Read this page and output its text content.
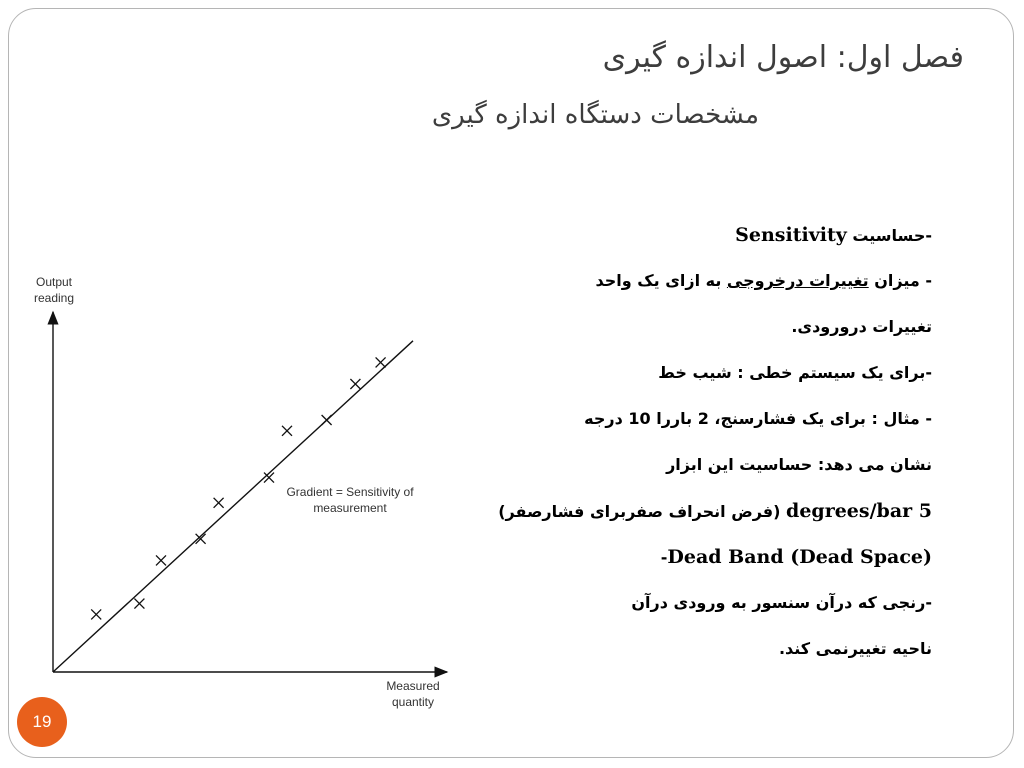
فصل اول: اصول اندازه گیری
مشخصات دستگاه اندازه گیری
-حساسیت Sensitivity
- میزان تغییرات درخروجی به ازای یک واحد
تغییرات درورودی.
-برای یک سیستم خطی : شیب خط
- مثال : برای یک فشارسنج، 2 باررا 10 درجه
نشان می دهد: حساسیت این ابزار
5 degrees/bar (فرض انحراف صفربرای فشارصفر)
(Dead Space) Dead Band-
-رنجی که درآن سنسور به ورودی درآن
ناحیه تغییرنمی کند.
Output
reading
Measured
quantity
Gradient = Sensitivity of
measurement
19
